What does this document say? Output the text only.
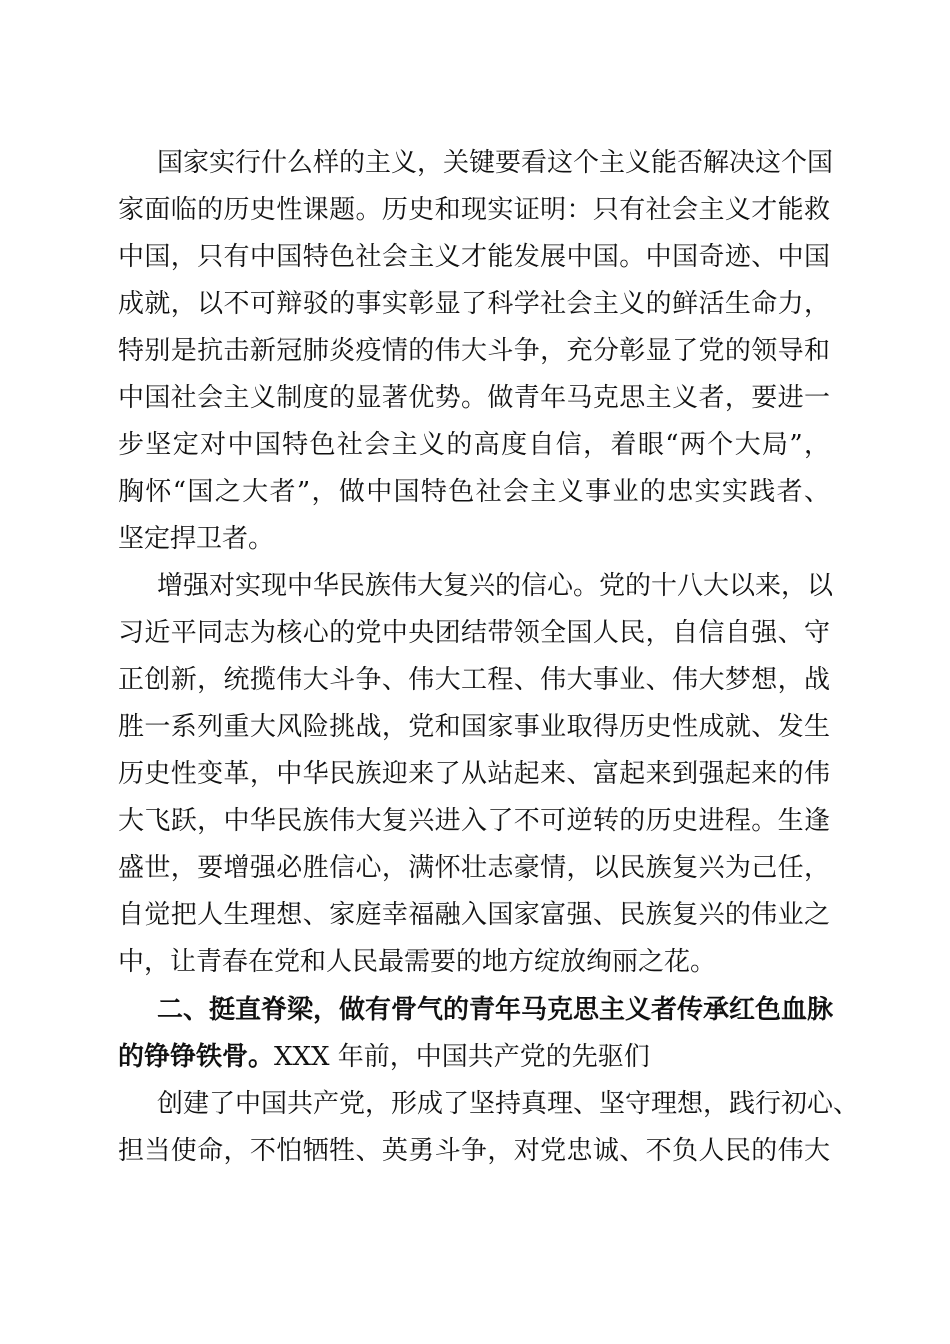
国家实行什么样的主义，关键要看这个主义能否解决这个国
家面临的历史性课题。历史和现实证明：只有社会主义才能救
中国，只有中国特色社会主义才能发展中国。中国奇迹、中国
成就，以不可辩驳的事实彰显了科学社会主义的鲜活生命力，
特别是抗击新冠肺炎疫情的伟大斗争，充分彰显了党的领导和
中国社会主义制度的显著优势。做青年马克思主义者，要进一
步坚定对中国特色社会主义的高度自信，着眼“两个大局”，
胸怀“国之大者”，做中国特色社会主义事业的忠实实践者、
坚定捍卫者。
增强对实现中华民族伟大复兴的信心。党的十八大以来，以
习近平同志为核心的党中央团结带领全国人民，自信自强、守
正创新，统揽伟大斗争、伟大工程、伟大事业、伟大梦想，战
胜一系列重大风险挑战，党和国家事业取得历史性成就、发生
历史性变革，中华民族迎来了从站起来、富起来到强起来的伟
大飞跃，中华民族伟大复兴进入了不可逆转的历史进程。生逢
盛世，要增强必胜信心，满怀壮志豪情，以民族复兴为己任，
自觉把人生理想、家庭幸福融入国家富强、民族复兴的伟业之
中，让青春在党和人民最需要的地方绽放绚丽之花。
二、挺直脊梁，做有骨气的青年马克思主义者传承红色血脉
的铮铮铁骨。XXX 年前，中国共产党的先驱们
创建了中国共产党，形成了坚持真理、坚守理想，践行初心、
担当使命，不怕牺牲、英勇斗争，对党忠诚、不负人民的伟大
